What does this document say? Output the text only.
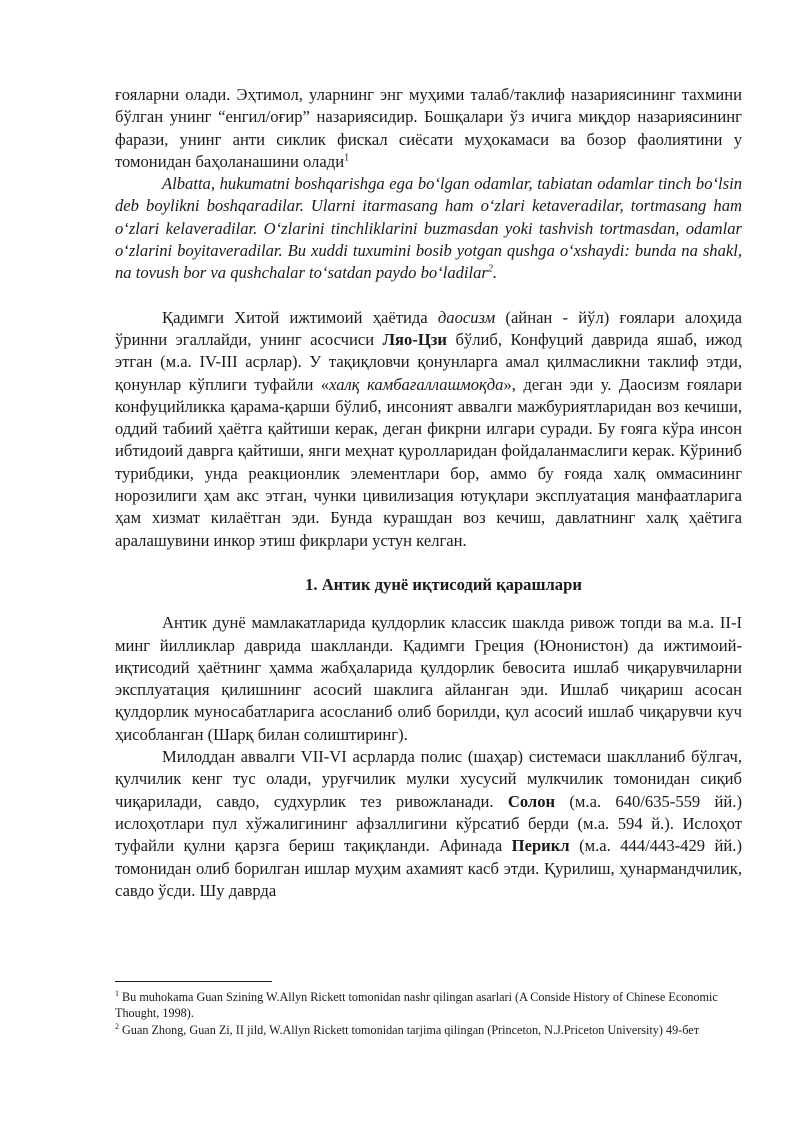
ғояларни олади. Эҳтимол, уларнинг энг муҳими талаб/таклиф назариясининг тахмини бўлган унинг “енгил/оғир” назариясидир. Бошқалари ўз ичига миқдор назариясининг фарази, унинг анти сиклик фискал сиёсати муҳокамаси ва бозор фаолиятини у томонидан баҳоланашини олади$^1$

Albatta, hukumatni boshqarishga ega boʻlgan odamlar, tabiatan odamlar tinch boʻlsin deb boylikni boshqaradilar. Ularni itarmasang ham oʻzlari ketaveradilar, tortmasang ham oʻzlari kelaveradilar. Oʻzlarini tinchliklarini buzmasdan yoki tashvish tortmasdan, odamlar oʻzlarini boyitaveradilar. Bu xuddi tuxumini bosib yotgan qushga oʻxshaydi: bunda na shakl, na tovush bor va qushchalar toʻsatdan paydo boʻladilar$^2$.

Қадимги Хитой ижтимоий ҳаётида даосизм (айнан - йўл) ғоялари алоҳида ўринни эгаллайди, унинг асосчиси Ляо-Цзи бўлиб, Конфуций даврида яшаб, ижод этган (м.а. IV-III асрлар). У тақиқловчи қонунларга амал қилмасликни таклиф этди, қонунлар кўплиги туфайли «халқ камбағаллашмоқда», деган эди у. Даосизм ғоялари конфуцийликка қарама-қарши бўлиб, инсоният аввалги мажбуриятларидан воз кечиши, оддий табиий ҳаётга қайтиши керак, деган фикрни илгари суради. Бу ғояга кўра инсон ибтидоий даврга қайтиши, янги меҳнат қуролларидан фойдаланмаслиги керак. Кўриниб турибдики, унда реакционлик элементлари бор, аммо бу ғояда халқ оммасининг норозилиги ҳам акс этган, чунки цивилизация ютуқлари эксплуатация манфаатларига ҳам хизмат килаётган эди. Бунда курашдан воз кечиш, давлатнинг халқ ҳаётига аралашувини инкор этиш фикрлари устун келган.

1. Антик дунё иқтисодий қарашлари

Антик дунё мамлакатларида қулдорлик классик шаклда ривож топди ва м.а. II-I минг йилликлар даврида шаклланди. Қадимги Греция (Юнонистон) да ижтимоий-иқтисодий ҳаётнинг ҳамма жабҳаларида қулдорлик бевосита ишлаб чиқарувчиларни эксплуатация қилишнинг асосий шаклига айланган эди. Ишлаб чиқариш асосан қулдорлик муносабатларига асосланиб олиб борилди, қул асосий ишлаб чиқарувчи куч ҳисобланган (Шарқ билан солиштиринг).

Милоддан аввалги VII-VI асрларда полис (шаҳар) системаси шаклланиб бўлгач, қулчилик кенг тус олади, уруғчилик мулки хусусий мулкчилик томонидан сиқиб чиқарилади, савдо, судхурлик тез ривожланади. Солон (м.а. 640/635-559 йй.) ислоҳотлари пул хўжалигининг афзаллигини кўрсатиб берди (м.а. 594 й.). Ислоҳот туфайли қулни қарзга бериш тақиқланди. Афинада Перикл (м.а. 444/443-429 йй.) томонидан олиб борилган ишлар муҳим ахамият касб этди. Қурилиш, ҳунармандчилик, савдо ўсди. Шу даврда

$^1$ Bu muhokama Guan Szining W.Allyn Rickett tomonidan nashr qilingan asarlari (A Conside History of Chinese Economic Thought, 1998).

$^2$ Guan Zhong, Guan Zi, II jild, W.Allyn Rickett tomonidan tarjima qilingan (Princeton, N.J.Priceton University) 49-бет
